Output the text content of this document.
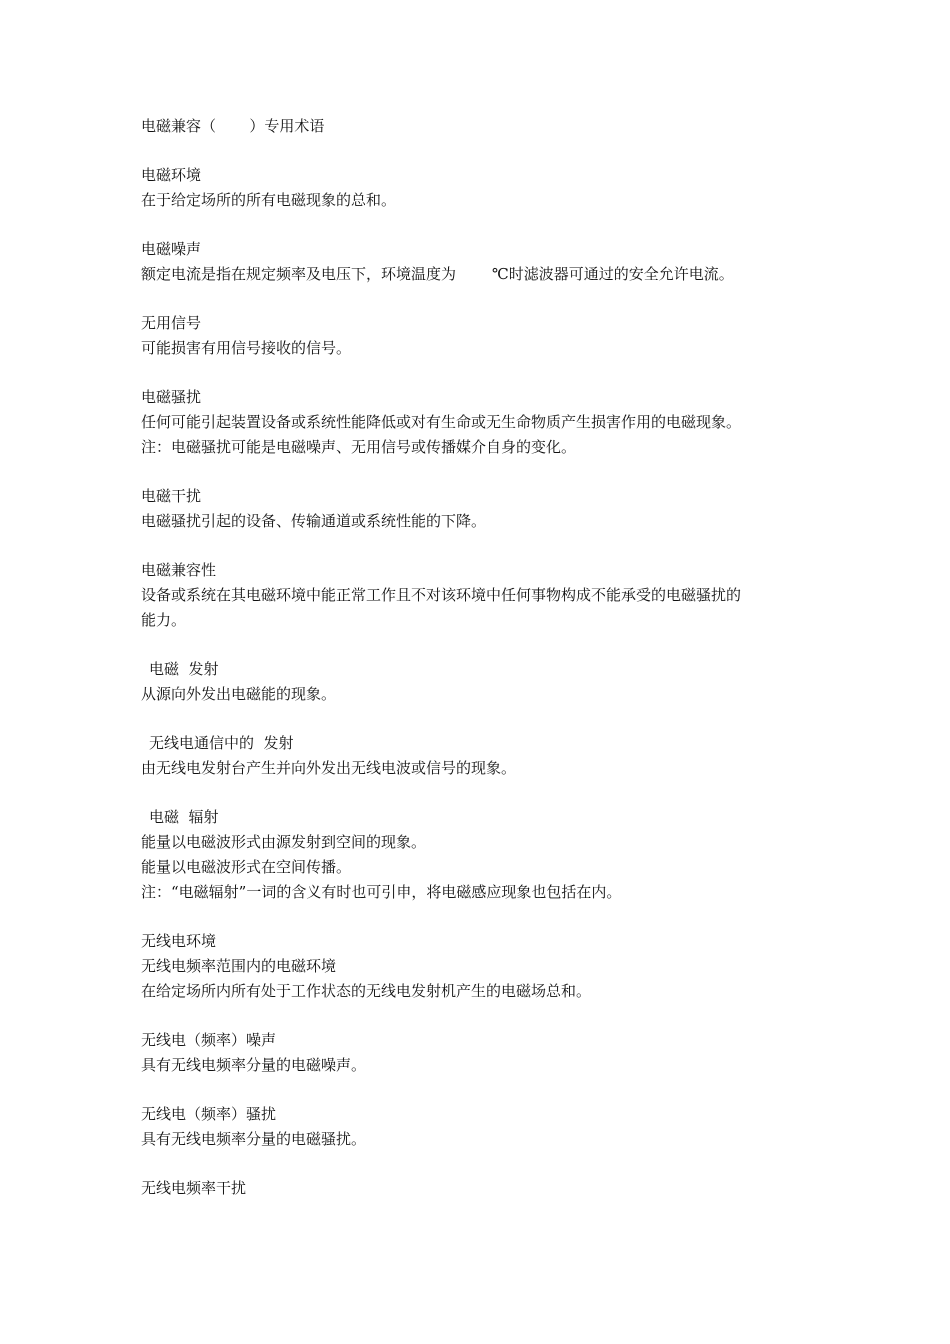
电磁兼容（       ）专用术语

电磁环境

在于给定场所的所有电磁现象的总和。

电磁噪声

额定电流是指在规定频率及电压下，环境温度为 ℃时滤波器可通过的安全允许电流。

无用信号

可能损害有用信号接收的信号。

电磁骚扰

任何可能引起装置设备或系统性能降低或对有生命或无生命物质产生损害作用的电磁现象。

注：电磁骚扰可能是电磁噪声、无用信号或传播媒介自身的变化。

电磁干扰

电磁骚扰引起的设备、传输通道或系统性能的下降。

电磁兼容性

设备或系统在其电磁环境中能正常工作且不对该环境中任何事物构成不能承受的电磁骚扰的

能力。

电磁  发射

从源向外发出电磁能的现象。

无线电通信中的  发射

由无线电发射台产生并向外发出无线电波或信号的现象。

电磁  辐射

能量以电磁波形式由源发射到空间的现象。

能量以电磁波形式在空间传播。

注：“电磁辐射”一词的含义有时也可引申，将电磁感应现象也包括在内。

无线电环境

无线电频率范围内的电磁环境

在给定场所内所有处于工作状态的无线电发射机产生的电磁场总和。

无线电（频率）噪声

具有无线电频率分量的电磁噪声。

无线电（频率）骚扰

具有无线电频率分量的电磁骚扰。

无线电频率干扰
